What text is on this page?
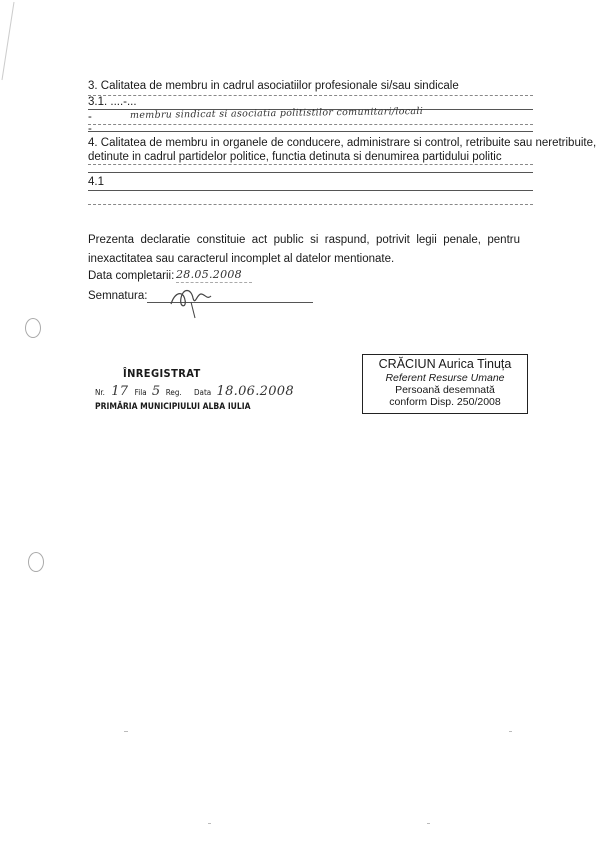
3. Calitatea de membru in cadrul asociatiilor profesionale si/sau sindicale
3.1. ....-...
-	membru sindicat si asociatia politistilor comunitari/locali
-
4. Calitatea de membru in organele de conducere, administrare si control, retribuite sau neretribuite,
detinute in cadrul partidelor politice, functia detinuta si denumirea partidului politic
4.1
Prezenta declaratie constituie act public si raspund, potrivit legii penale, pentru
inexactitatea sau caracterul incomplet al datelor mentionate.
Data completarii: 28.05.2008
Semnatura:
ÎNREGISTRAT
Nr. 17 Fila 5 Reg. Data 18.06.2008
PRIMĂRIA MUNICIPIULUI ALBA IULIA
CRĂCIUN Aurica Tinuța
Referent Resurse Umane
Persoană desemnată
conform Disp. 250/2008
